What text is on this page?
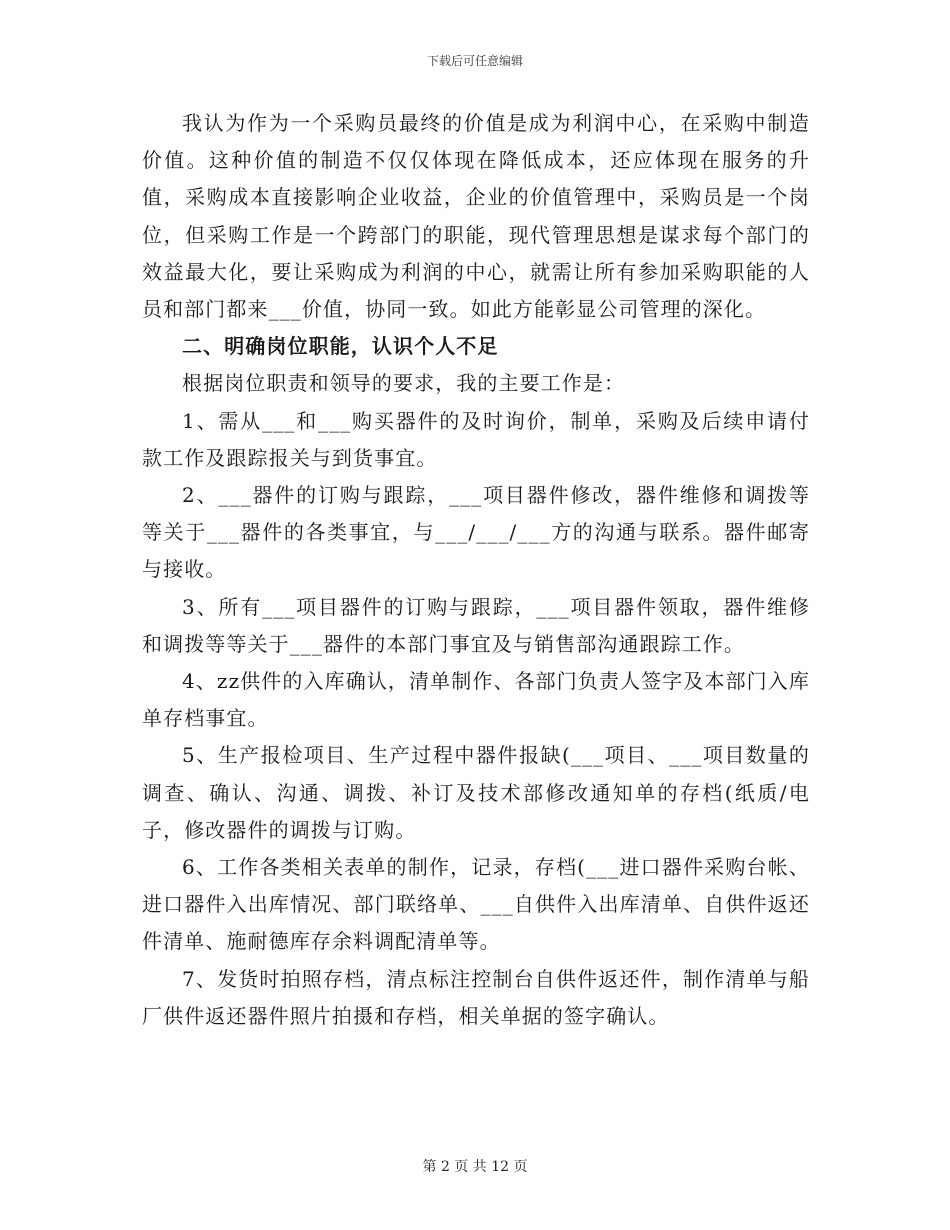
下载后可任意编辑

我认为作为一个采购员最终的价值是成为利润中心，在采购中制造价值。这种价值的制造不仅仅体现在降低成本，还应体现在服务的升值，采购成本直接影响企业收益，企业的价值管理中，采购员是一个岗位，但采购工作是一个跨部门的职能，现代管理思想是谋求每个部门的效益最大化，要让采购成为利润的中心，就需让所有参加采购职能的人员和部门都来___价值，协同一致。如此方能彰显公司管理的深化。

二、明确岗位职能，认识个人不足

根据岗位职责和领导的要求，我的主要工作是：

1、需从___和___购买器件的及时询价，制单，采购及后续申请付款工作及跟踪报关与到货事宜。

2、___器件的订购与跟踪，___项目器件修改，器件维修和调拨等等关于___器件的各类事宜，与___/___/___方的沟通与联系。器件邮寄与接收。

3、所有___项目器件的订购与跟踪，___项目器件领取，器件维修和调拨等等关于___器件的本部门事宜及与销售部沟通跟踪工作。

4、zz供件的入库确认，清单制作、各部门负责人签字及本部门入库单存档事宜。

5、生产报检项目、生产过程中器件报缺(___项目、___项目数量的调查、确认、沟通、调拨、补订及技术部修改通知单的存档(纸质/电子，修改器件的调拨与订购。

6、工作各类相关表单的制作，记录，存档(___进口器件采购台帐、进口器件入出库情况、部门联络单、___自供件入出库清单、自供件返还件清单、施耐德库存余料调配清单等。

7、发货时拍照存档，清点标注控制台自供件返还件，制作清单与船厂供件返还器件照片拍摄和存档，相关单据的签字确认。

第 2 页 共 12 页
